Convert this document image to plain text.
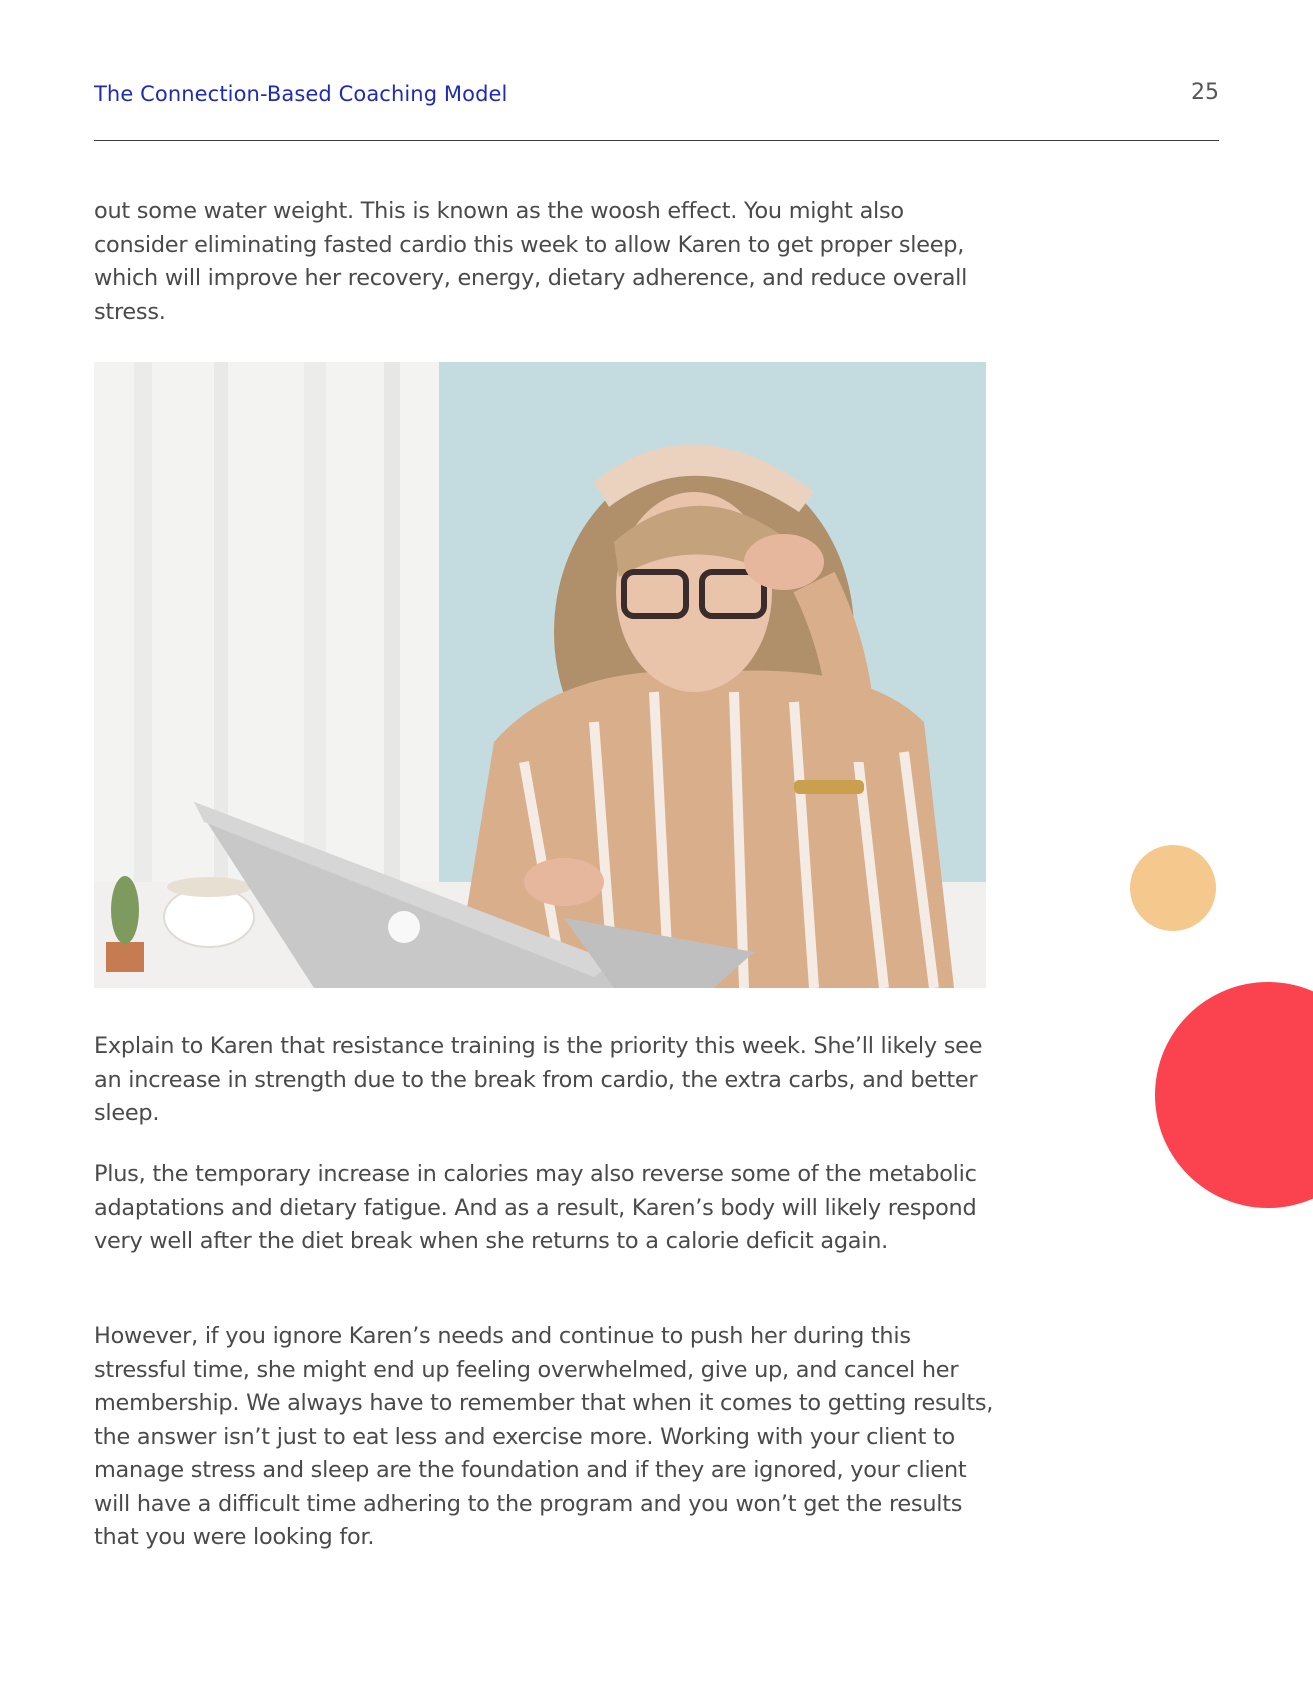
The Connection-Based Coaching Model	25

out some water weight. This is known as the woosh effect. You might also consider eliminating fasted cardio this week to allow Karen to get proper sleep, which will improve her recovery, energy, dietary adherence, and reduce overall stress.

Explain to Karen that resistance training is the priority this week. She’ll likely see an increase in strength due to the break from cardio, the extra carbs, and better sleep.

Plus, the temporary increase in calories may also reverse some of the metabolic adaptations and dietary fatigue. And as a result, Karen’s body will likely respond very well after the diet break when she returns to a calorie deficit again.

However, if you ignore Karen’s needs and continue to push her during this stressful time, she might end up feeling overwhelmed, give up, and cancel her membership. We always have to remember that when it comes to getting results, the answer isn’t just to eat less and exercise more. Working with your client to manage stress and sleep are the foundation and if they are ignored, your client will have a difficult time adhering to the program and you won’t get the results that you were looking for.
